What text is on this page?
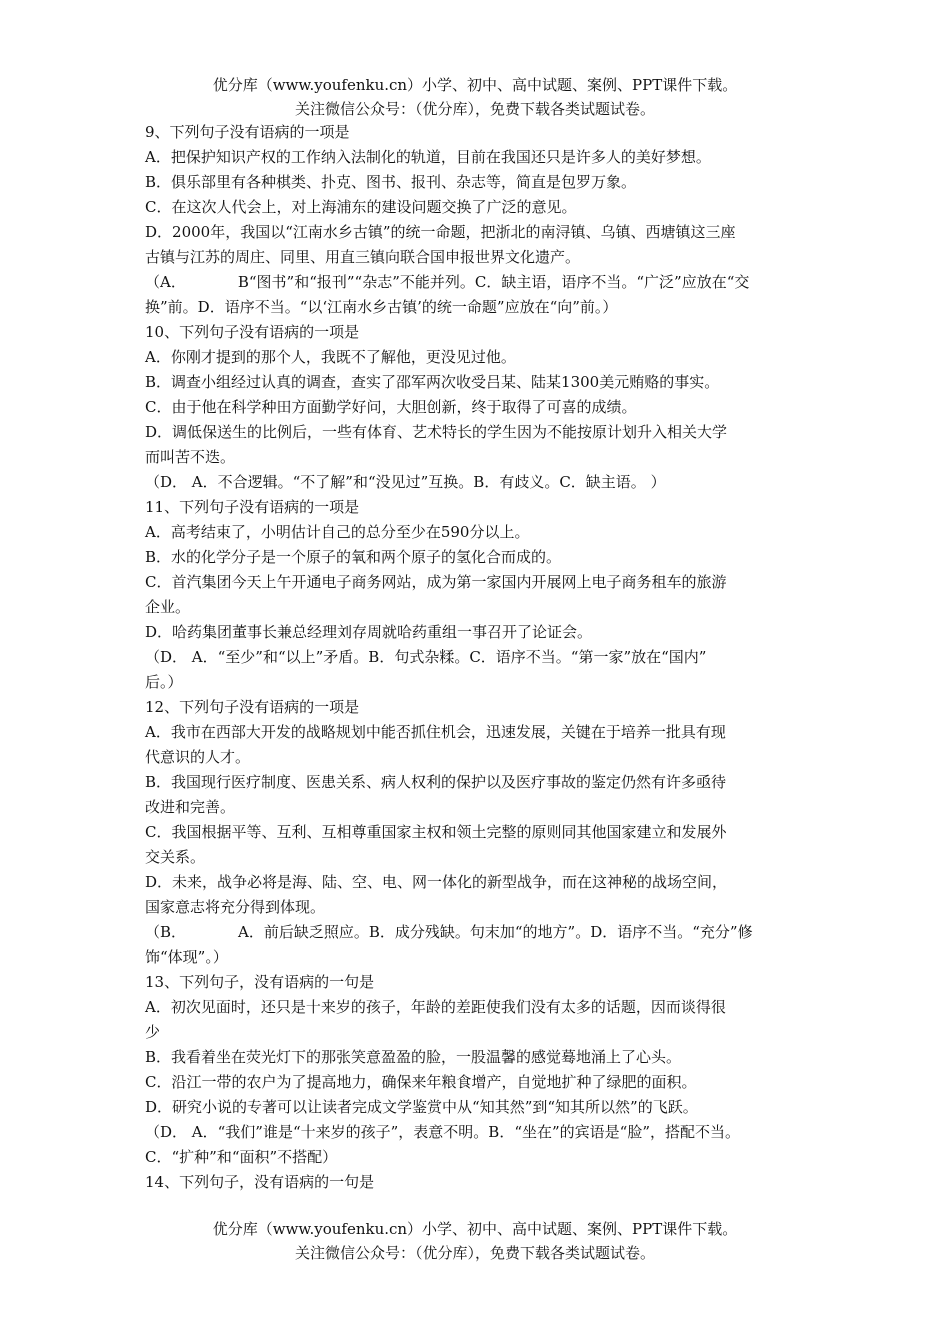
优分库（www.youfenku.cn）小学、初中、高中试题、案例、PPT课件下载。
关注微信公众号：（优分库），免费下载各类试题试卷。
9、下列句子没有语病的一项是
A．把保护知识产权的工作纳入法制化的轨道，目前在我国还只是许多人的美好梦想。
B．俱乐部里有各种棋类、扑克、图书、报刊、杂志等，简直是包罗万象。
C．在这次人代会上，对上海浦东的建设问题交换了广泛的意见。
D．2000年，我国以“江南水乡古镇”的统一命题，把浙北的南浔镇、乌镇、西塘镇这三座
古镇与江苏的周庄、同里、用直三镇向联合国申报世界文化遗产。
（A．	B“图书”和“报刊”“杂志”不能并列。C．缺主语，语序不当。“广泛”应放在“交
换”前。D．语序不当。“以‘江南水乡古镇’的统一命题”应放在“向”前。）
10、下列句子没有语病的一项是
A．你刚才提到的那个人，我既不了解他，更没见过他。
B．调查小组经过认真的调查，查实了邵军两次收受吕某、陆某1300美元贿赂的事实。
C．由于他在科学种田方面勤学好问，大胆创新，终于取得了可喜的成绩。
D．调低保送生的比例后，一些有体育、艺术特长的学生因为不能按原计划升入相关大学
而叫苦不迭。
（D． A．不合逻辑。“不了解”和“没见过”互换。B．有歧义。C．缺主语。 ）
11、下列句子没有语病的一项是
A．高考结束了，小明估计自己的总分至少在590分以上。
B．水的化学分子是一个原子的氧和两个原子的氢化合而成的。
C．首汽集团今天上午开通电子商务网站，成为第一家国内开展网上电子商务租车的旅游
企业。
D．哈药集团董事长兼总经理刘存周就哈药重组一事召开了论证会。
（D． A．“至少”和“以上”矛盾。B．句式杂糅。C．语序不当。“第一家”放在“国内”
后。）
12、下列句子没有语病的一项是
A．我市在西部大开发的战略规划中能否抓住机会，迅速发展，关键在于培养一批具有现
代意识的人才。
B．我国现行医疗制度、医患关系、病人权利的保护以及医疗事故的鉴定仍然有许多亟待
改进和完善。
C．我国根据平等、互利、互相尊重国家主权和领土完整的原则同其他国家建立和发展外
交关系。
D．未来，战争必将是海、陆、空、电、网一体化的新型战争，而在这神秘的战场空间，
国家意志将充分得到体现。
（B．	A．前后缺乏照应。B．成分残缺。句末加“的地方”。D．语序不当。“充分”修
饰“体现”。）
13、下列句子，没有语病的一句是
A．初次见面时，还只是十来岁的孩子，年龄的差距使我们没有太多的话题，因而谈得很
少
B．我看着坐在荧光灯下的那张笑意盈盈的脸，一股温馨的感觉蓦地涌上了心头。
C．沿江一带的农户为了提高地力，确保来年粮食增产，自觉地扩种了绿肥的面积。
D．研究小说的专著可以让读者完成文学鉴赏中从“知其然”到“知其所以然”的飞跃。
（D． A．“我们”谁是“十来岁的孩子”，表意不明。B．“坐在”的宾语是“脸”，搭配不当。
C．“扩种”和“面积”不搭配）
14、下列句子，没有语病的一句是
优分库（www.youfenku.cn）小学、初中、高中试题、案例、PPT课件下载。
关注微信公众号：（优分库），免费下载各类试题试卷。
